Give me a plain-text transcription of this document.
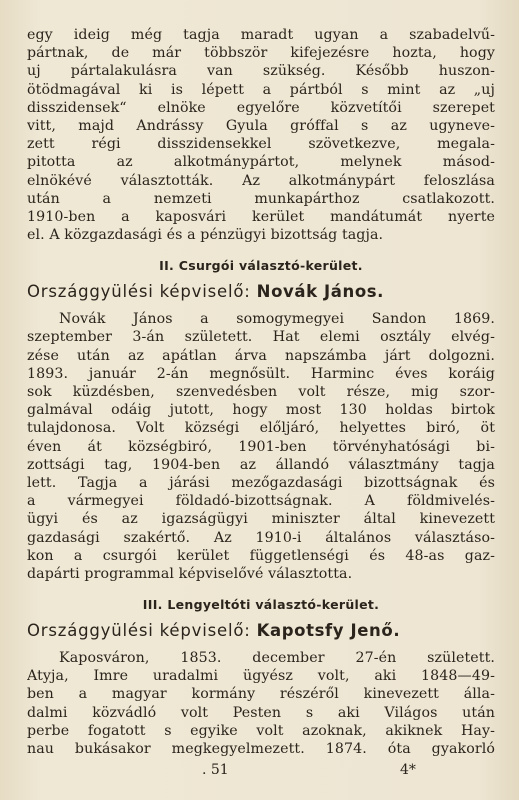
egy ideig még tagja maradt ugyan a szabadelvű-
pártnak, de már többször kifejezésre hozta, hogy
uj pártalakulásra van szükség. Később huszon-
ötödmagával ki is lépett a pártból s mint az „uj
disszidensek“ elnöke egyelőre közvetítői szerepet
vitt, majd Andrássy Gyula gróffal s az ugyneve-
zett régi disszidensekkel szövetkezve, megala-
pitotta az alkotmánypártot, melynek másod-
elnökévé választották. Az alkotmánypárt feloszlása
után a nemzeti munkapárthoz csatlakozott.
1910-ben a kaposvári kerület mandátumát nyerte
el. A közgazdasági és a pénzügyi bizottság tagja.
II. Csurgói választó-kerület.
Országgyülési képviselő: Novák János.
Novák János a somogymegyei Sandon 1869.
szeptember 3-án született. Hat elemi osztály elvég-
zése után az apátlan árva napszámba járt dolgozni.
1893. január 2-án megnősült. Harminc éves koráig
sok küzdésben, szenvedésben volt része, mig szor-
galmával odáig jutott, hogy most 130 holdas birtok
tulajdonosa. Volt községi előljáró, helyettes biró, öt
éven át községbiró, 1901-ben törvényhatósági bi-
zottsági tag, 1904-ben az állandó választmány tagja
lett. Tagja a járási mezőgazdasági bizottságnak és
a vármegyei földadó-bizottságnak. A földmivelés-
ügyi és az igazságügyi miniszter által kinevezett
gazdasági szakértő. Az 1910-i általános választáso-
kon a csurgói kerület függetlenségi és 48-as gaz-
dapárti programmal képviselővé választotta.
III. Lengyeltóti választó-kerület.
Országgyülési képviselő: Kapotsfy Jenő.
Kaposváron, 1853. december 27-én született.
Atyja, Imre uradalmi ügyész volt, aki 1848—49-
ben a magyar kormány részéről kinevezett álla-
dalmi közvádló volt Pesten s aki Világos után
perbe fogatott s egyike volt azoknak, akiknek Hay-
nau bukásakor megkegyelmezett. 1874. óta gyakorló
. 51	4*
